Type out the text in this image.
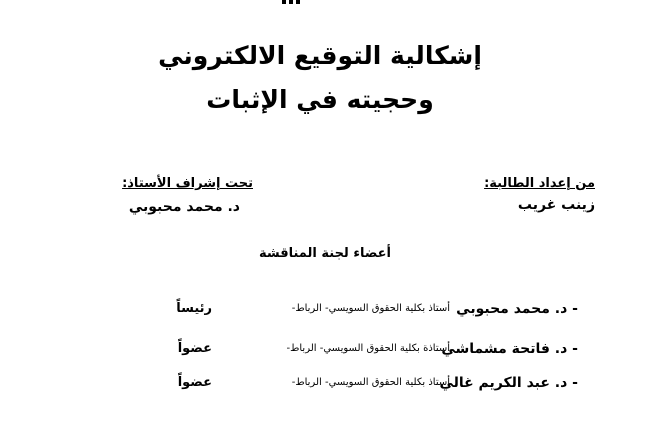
إشكالية التوقيع الالكتروني
وحجيته في الإثبات
من إعداد الطالبة:
زينب غريب
تحت إشراف الأستاذ:
د. محمد محبوبي
أعضاء لجنة المناقشة
- د. محمد محبوبي
أستاذ بكلية الحقوق السويسي- الرباط-
رئيساً
- د. فاتحة مشماشي
أستاذة بكلية الحقوق السويسي- الرباط-
عضواً
- د. عبد الكريم غالي
أستاذ بكلية الحقوق السويسي- الرباط-
عضواً
